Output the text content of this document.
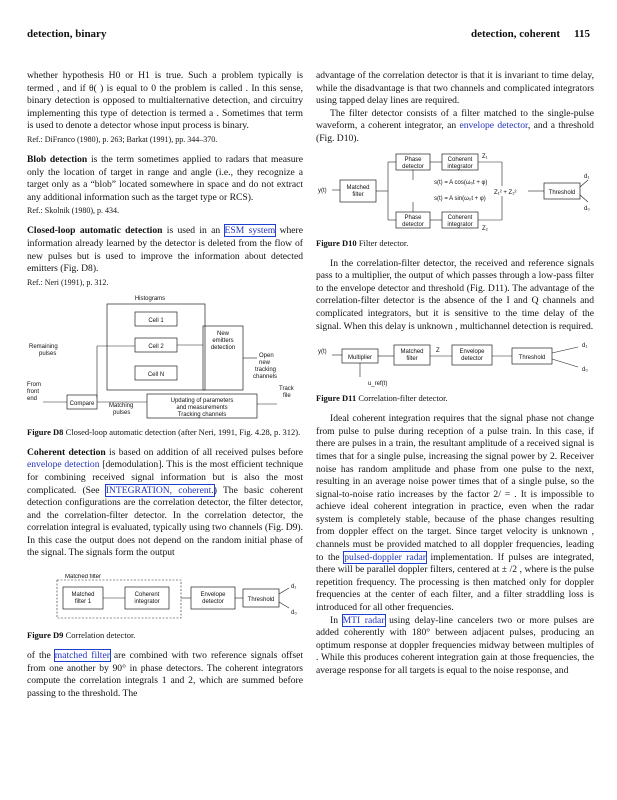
detection, binary	detection, coherent 115

whether hypothesis H0 or H1 is true. Such a problem typically is termed , and if θ( ) is equal to 0 the problem is called . In this sense, binary detection is opposed to multialternative detection, and circuitry implementing this type of detection is termed a . Sometimes that term is used to denote a detector whose input process is binary.

Ref.: DiFranco (1980), p. 263; Barkat (1991), pp. 344–370.

Blob detection is the term sometimes applied to radars that measure only the location of target in range and angle (i.e., they recognize a target only as a “blob” located somewhere in space and do not extract any additional information such as the target type or RCS).

Ref.: Skolnik (1980), p. 434.

Closed-loop automatic detection is used in an ESM system where information already learned by the detector is deleted from the flow of new pulses but is used to improve the information about detected emitters (Fig. D8).

Ref.: Neri (1991), p. 312.

Histograms
Cell 1
Cell 2
Cell N
New
emitters
detection
Remaining
pulses	Open
new
tracking
channels
From
front
end
Compare Matching
pulses
Updating of parameters
and measurements
Tracking channels
Track
file

Figure D8 Closed-loop automatic detection (after Neri, 1991, Fig. 4.28, p. 312).

Coherent detection is based on addition of all received pulses before envelope detection [demodulation]. This is the most efficient technique for combining received signal information but is also the most complicated. (See INTEGRATION, coherent.) The basic coherent detection configurations are the correlation detector, the filter detector, and the correlation-filter detector. In the correlation detector, the correlation integral is evaluated, typically using two channels (Fig. D9). In this case the output does not depend on the random initial phase of the signal. The signals form the output

Matched filter
Matched
filter 1
Coherent
integrator
Envelope
detector	Threshold
d₁
d₀

Figure D9 Correlation detector.

of the matched filter are combined with two reference signals offset from one another by 90° in phase detectors. The coherent integrators compute the correlation integrals 1 and 2, which are summed before passing to the threshold. The

advantage of the correlation detector is that it is invariant to time delay, while the disadvantage is that two channels and complicated integrators using tapped delay lines are required.

The filter detector consists of a filter matched to the single-pulse waveform, a coherent integrator, an envelope detector, and a threshold (Fig. D10).

y(t)	Matched
filter
Phase
detector
Phase
detector
Coherent
integrator
Coherent
integrator
s(t) = A cos(ω₀t + φ)
s(t) = A sin(ω₀t + φ)
Z₁
Z₂
Z₁² + Z₂²	Threshold
d₁
d₀

Figure D10 Filter detector.

In the correlation-filter detector, the received and reference signals pass to a multiplier, the output of which passes through a low-pass filter to the envelope detector and threshold (Fig. D11). The advantage of the correlation-filter detector is the absence of the I and Q channels and complicated integrators, but it is sensitive to the time delay of the signal. When this delay is unknown , multichannel detection is required.

y(t)
Multiplier
u_ref(t)
Matched
filter
Z	Envelope
detector	Threshold
d₁
d₀

Figure D11 Correlation-filter detector.

Ideal coherent integration requires that the signal phase not change from pulse to pulse during reception of a pulse train. In this case, if there are pulses in a train, the resultant amplitude of a received signal is times that for a single pulse, increasing the signal power by 2. Receiver noise has random amplitude and phase from one pulse to the next, resulting in an average noise power times that of a single pulse, so the signal-to-noise ratio increases by the factor 2/ = . It is impossible to achieve ideal coherent integration in practice, even when the radar system is completely stable, because of the phase changes resulting from doppler effect on the target. Since target velocity is unknown , channels must be provided matched to all doppler frequencies, leading to the pulsed-doppler radar implementation. If pulses are integrated, there will be parallel doppler filters, centered at ± /2 , where is the pulse repetition frequency. The processing is then matched only for doppler frequencies at the center of each filter, and a filter straddling loss is introduced for all other frequencies.

In MTI radar using delay-line cancelers two or more pulses are added coherently with 180° between adjacent pulses, producing an optimum response at doppler frequencies midway between multiples of . While this produces coherent integration gain at those frequencies, the average response for all targets is equal to the noise response, and
